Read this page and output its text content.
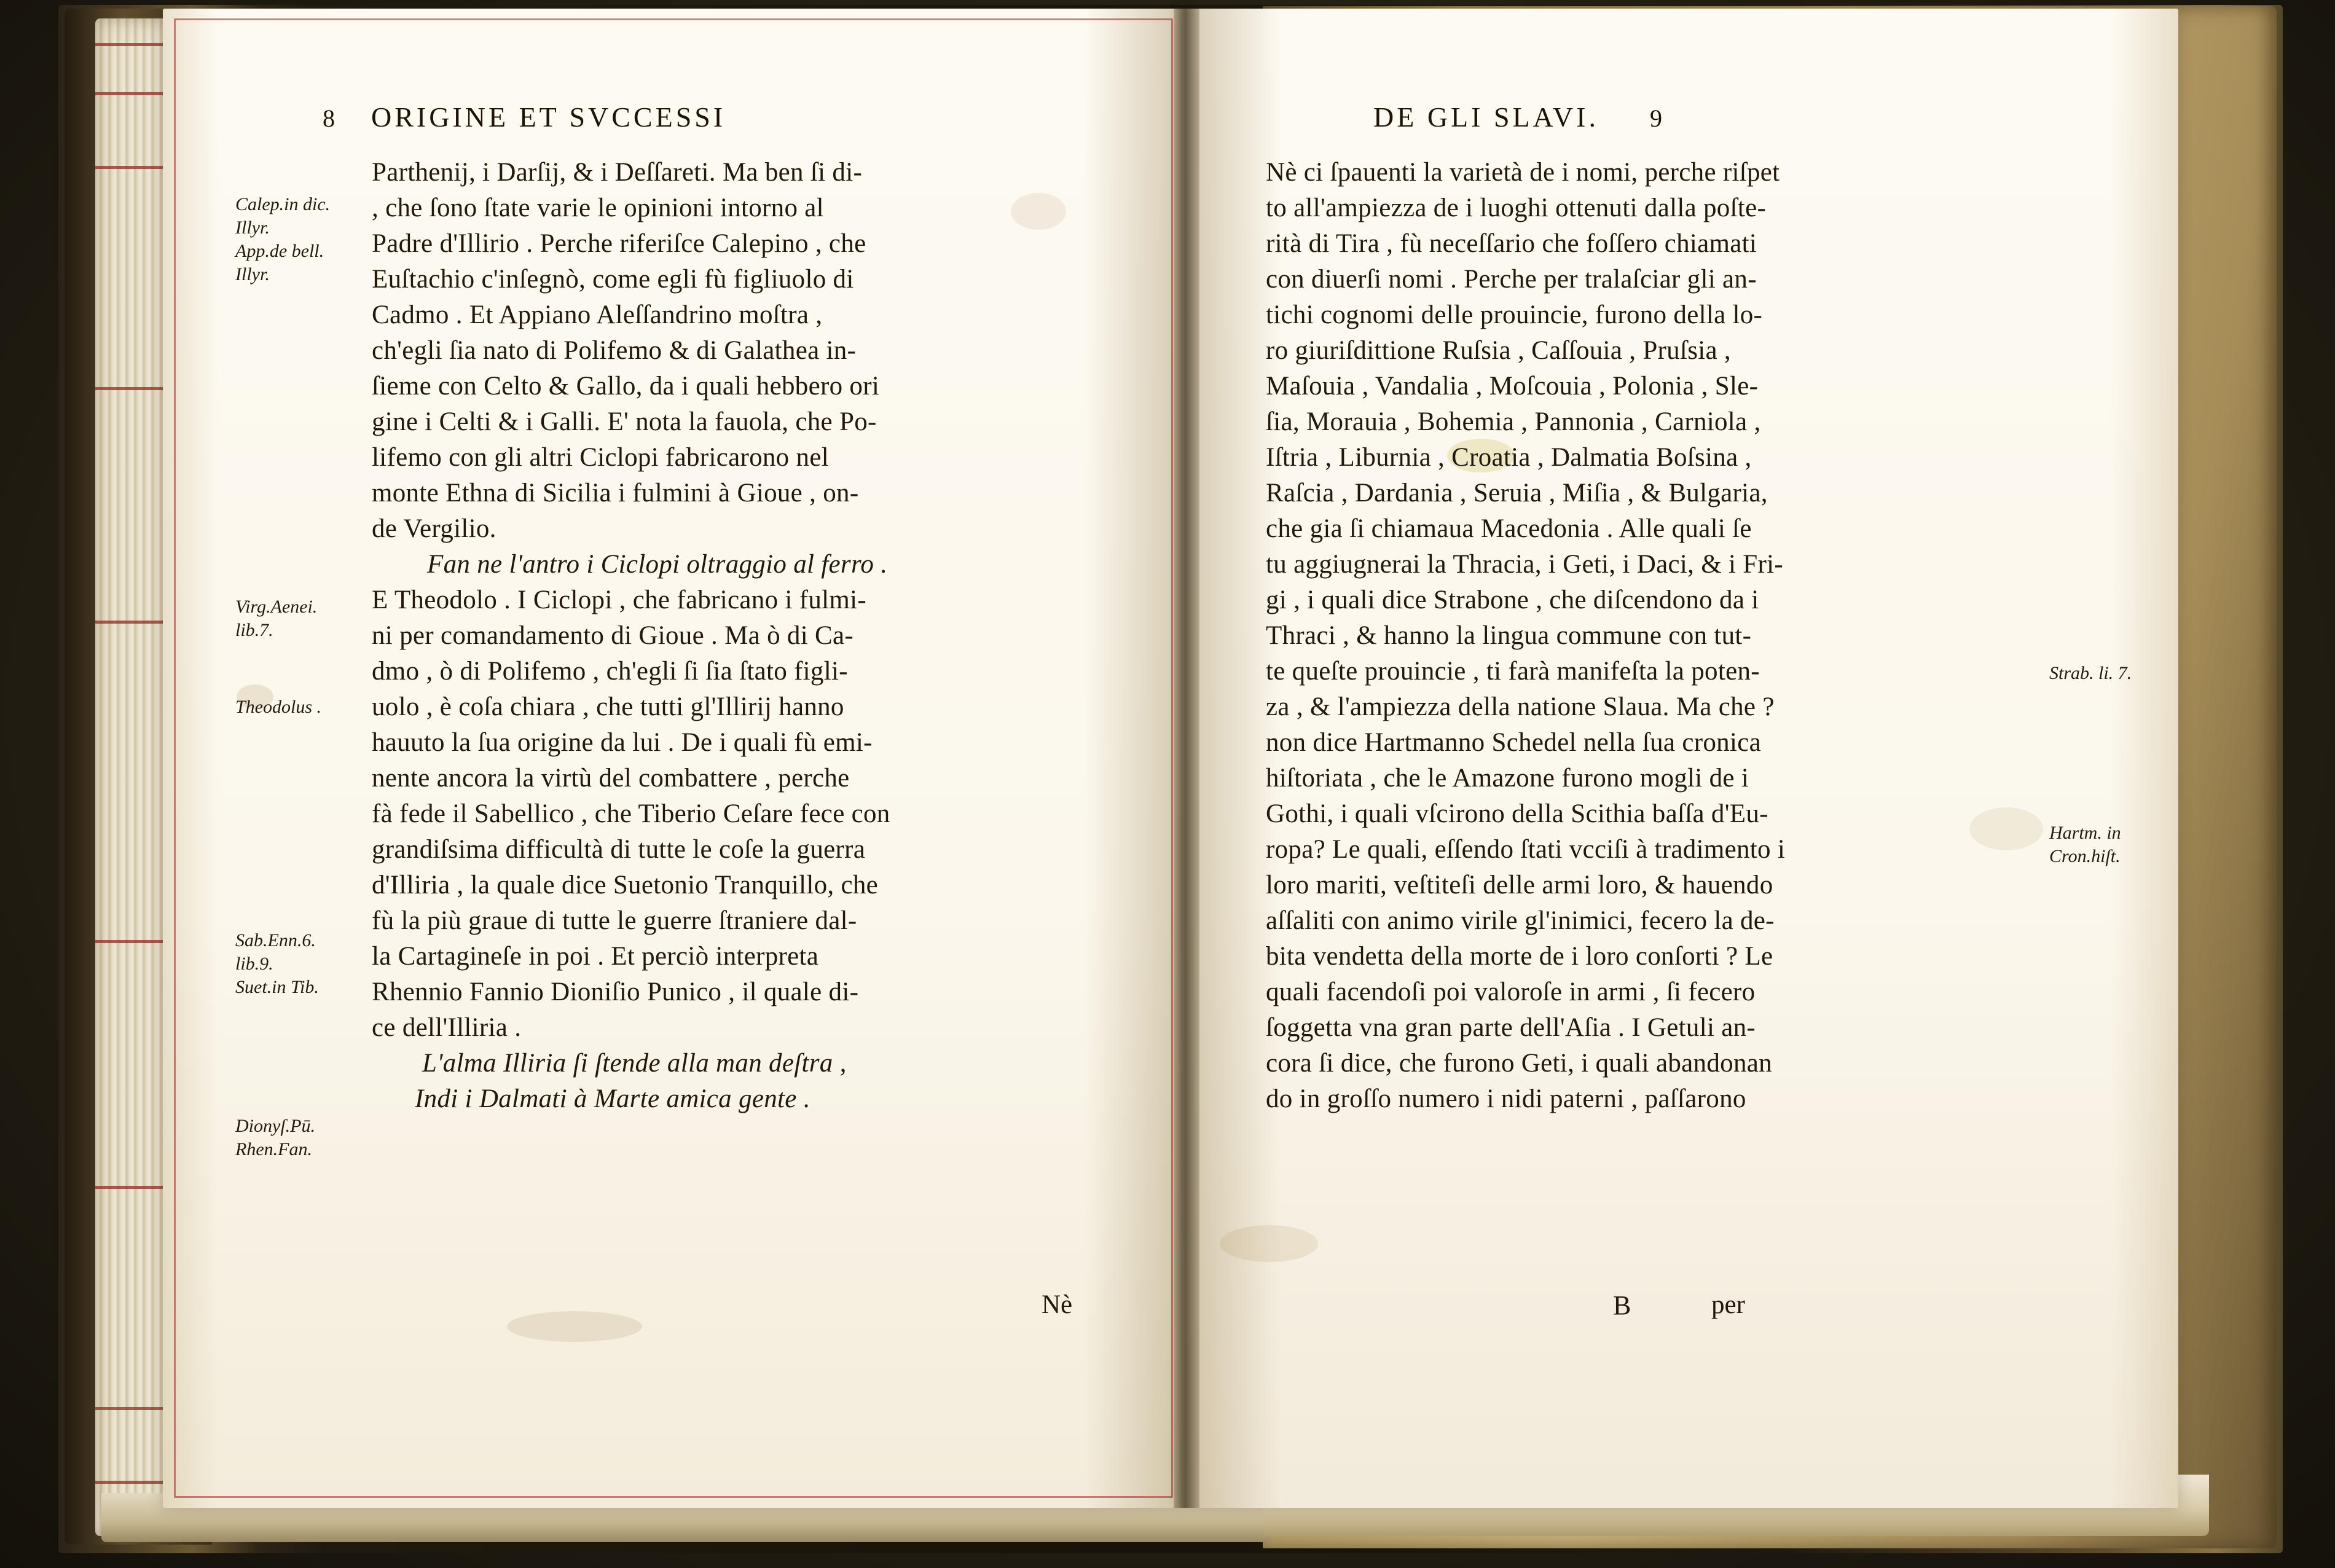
8 ORIGINE ET SVCCESSI
Calep.in dic.
Illyr.
App.de bell.
Illyr.
Virg.Aenei.
lib.7.
Theodolus .
Sab.Enn.6.
lib.9.
Suet.in Tib.
Dionyſ.Pū.
Rhen.Fan.
Parthenij, i Darſij, & i Deſſareti. Ma ben ſi di-
, che ſono ſtate varie le opinioni intorno al
Padre d'Illirio . Perche riferiſce Calepino , che
Euſtachio c'inſegnò, come egli fù figliuolo di
Cadmo . Et Appiano Aleſſandrino moſtra ,
ch'egli ſia nato di Polifemo & di Galathea in-
ſieme con Celto & Gallo, da i quali hebbero ori
gine i Celti & i Galli. E' nota la fauola, che Po-
lifemo con gli altri Ciclopi fabricarono nel
monte Ethna di Sicilia i fulmini à Gioue , on-
de Vergilio.
Fan ne l'antro i Ciclopi oltraggio al ferro .
E Theodolo . I Ciclopi , che fabricano i fulmi-
ni per comandamento di Gioue . Ma ò di Ca-
dmo , ò di Polifemo , ch'egli ſi ſia ſtato figli-
uolo , è coſa chiara , che tutti gl'Illirij hanno
hauuto la ſua origine da lui . De i quali fù emi-
nente ancora la virtù del combattere , perche
fà fede il Sabellico , che Tiberio Ceſare fece con
grandiſsima difficultà di tutte le coſe la guerra
d'Illiria , la quale dice Suetonio Tranquillo, che
fù la più graue di tutte le guerre ſtraniere dal-
la Cartagineſe in poi . Et perciò interpreta
Rhennio Fannio Dioniſio Punico , il quale di-
ce dell'Illiria .
L'alma Illiria ſi ſtende alla man deſtra ,
Indi i Dalmati à Marte amica gente .
Nè
DE GLI SLAVI. 9
Strab. li. 7.
Hartm. in
Cron.hiſt.
Nè ci ſpauenti la varietà de i nomi, perche riſpet
to all'ampiezza de i luoghi ottenuti dalla poſte-
rità di Tira , fù neceſſario che foſſero chiamati
con diuerſi nomi . Perche per tralaſciar gli an-
tichi cognomi delle prouincie, furono della lo-
ro giuriſdittione Ruſsia , Caſſouia , Pruſsia ,
Maſouia , Vandalia , Moſcouia , Polonia , Sle-
ſia, Morauia , Bohemia , Pannonia , Carniola ,
Iſtria , Liburnia , Croatia , Dalmatia Boſsina ,
Raſcia , Dardania , Seruia , Miſia , & Bulgaria,
che gia ſi chiamaua Macedonia . Alle quali ſe
tu aggiugnerai la Thracia, i Geti, i Daci, & i Fri-
gi , i quali dice Strabone , che diſcendono da i
Thraci , & hanno la lingua commune con tut-
te queſte prouincie , ti farà manifeſta la poten-
za , & l'ampiezza della natione Slaua. Ma che ?
non dice Hartmanno Schedel nella ſua cronica
hiſtoriata , che le Amazone furono mogli de i
Gothi, i quali vſcirono della Scithia baſſa d'Eu-
ropa? Le quali, eſſendo ſtati vcciſi à tradimento i
loro mariti, veſtiteſi delle armi loro, & hauendo
aſſaliti con animo virile gl'inimici, fecero la de-
bita vendetta della morte de i loro conſorti ? Le
quali facendoſi poi valoroſe in armi , ſi fecero
ſoggetta vna gran parte dell'Aſia . I Getuli an-
cora ſi dice, che furono Geti, i quali abandonan
do in groſſo numero i nidi paterni , paſſarono
B	per
